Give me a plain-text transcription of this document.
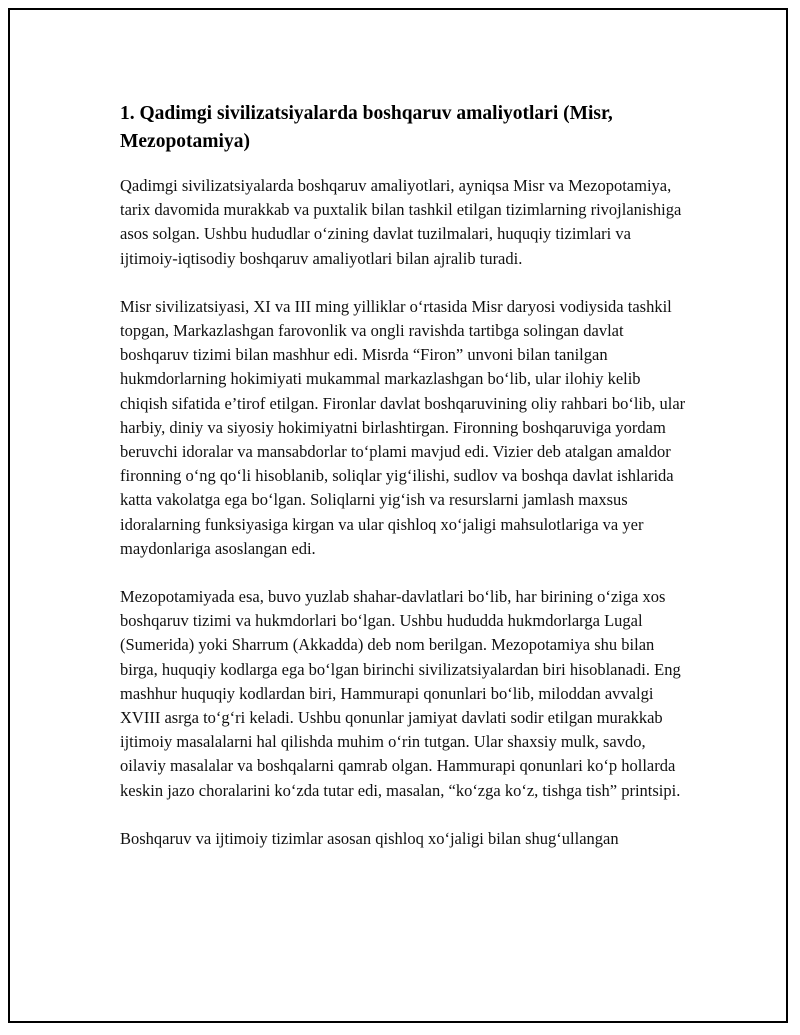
1. Qadimgi sivilizatsiyalarda boshqaruv amaliyotlari (Misr, Mezopotamiya)

Qadimgi sivilizatsiyalarda boshqaruv amaliyotlari, ayniqsa Misr va Mezopotamiya, tarix davomida murakkab va puxtalik bilan tashkil etilgan tizimlarning rivojlanishiga asos solgan. Ushbu hududlar o‘zining davlat tuzilmalari, huquqiy tizimlari va ijtimoiy-iqtisodiy boshqaruv amaliyotlari bilan ajralib turadi.

Misr sivilizatsiyasi, XI va III ming yilliklar o‘rtasida Misr daryosi vodiysida tashkil topgan, Markazlashgan farovonlik va ongli ravishda tartibga solingan davlat boshqaruv tizimi bilan mashhur edi. Misrda “Firon” unvoni bilan tanilgan hukmdorlarning hokimiyati mukammal markazlashgan bo‘lib, ular ilohiy kelib chiqish sifatida e’tirof etilgan. Fironlar davlat boshqaruvining oliy rahbari bo‘lib, ular harbiy, diniy va siyosiy hokimiyatni birlashtirgan. Fironning boshqaruviga yordam beruvchi idoralar va mansabdorlar to‘plami mavjud edi. Vizier deb atalgan amaldor fironning o‘ng qo‘li hisoblanib, soliqlar yig‘ilishi, sudlov va boshqa davlat ishlarida katta vakolatga ega bo‘lgan. Soliqlarni yig‘ish va resurslarni jamlash maxsus idoralarning funksiyasiga kirgan va ular qishloq xo‘jaligi mahsulotlariga va yer maydonlariga asoslangan edi.

Mezopotamiyada esa, buvo yuzlab shahar-davlatlari bo‘lib, har birining o‘ziga xos boshqaruv tizimi va hukmdorlari bo‘lgan. Ushbu hududda hukmdorlarga Lugal (Sumerida) yoki Sharrum (Akkadda) deb nom berilgan. Mezopotamiya shu bilan birga, huquqiy kodlarga ega bo‘lgan birinchi sivilizatsiyalardan biri hisoblanadi. Eng mashhur huquqiy kodlardan biri, Hammurapi qonunlari bo‘lib, miloddan avvalgi XVIII asrga to‘g‘ri keladi. Ushbu qonunlar jamiyat davlati sodir etilgan murakkab ijtimoiy masalalarni hal qilishda muhim o‘rin tutgan. Ular shaxsiy mulk, savdo, oilaviy masalalar va boshqalarni qamrab olgan. Hammurapi qonunlari ko‘p hollarda keskin jazo choralarini ko‘zda tutar edi, masalan, “ko‘zga ko‘z, tishga tish” printsipi.

Boshqaruv va ijtimoiy tizimlar asosan qishloq xo‘jaligi bilan shug‘ullangan
